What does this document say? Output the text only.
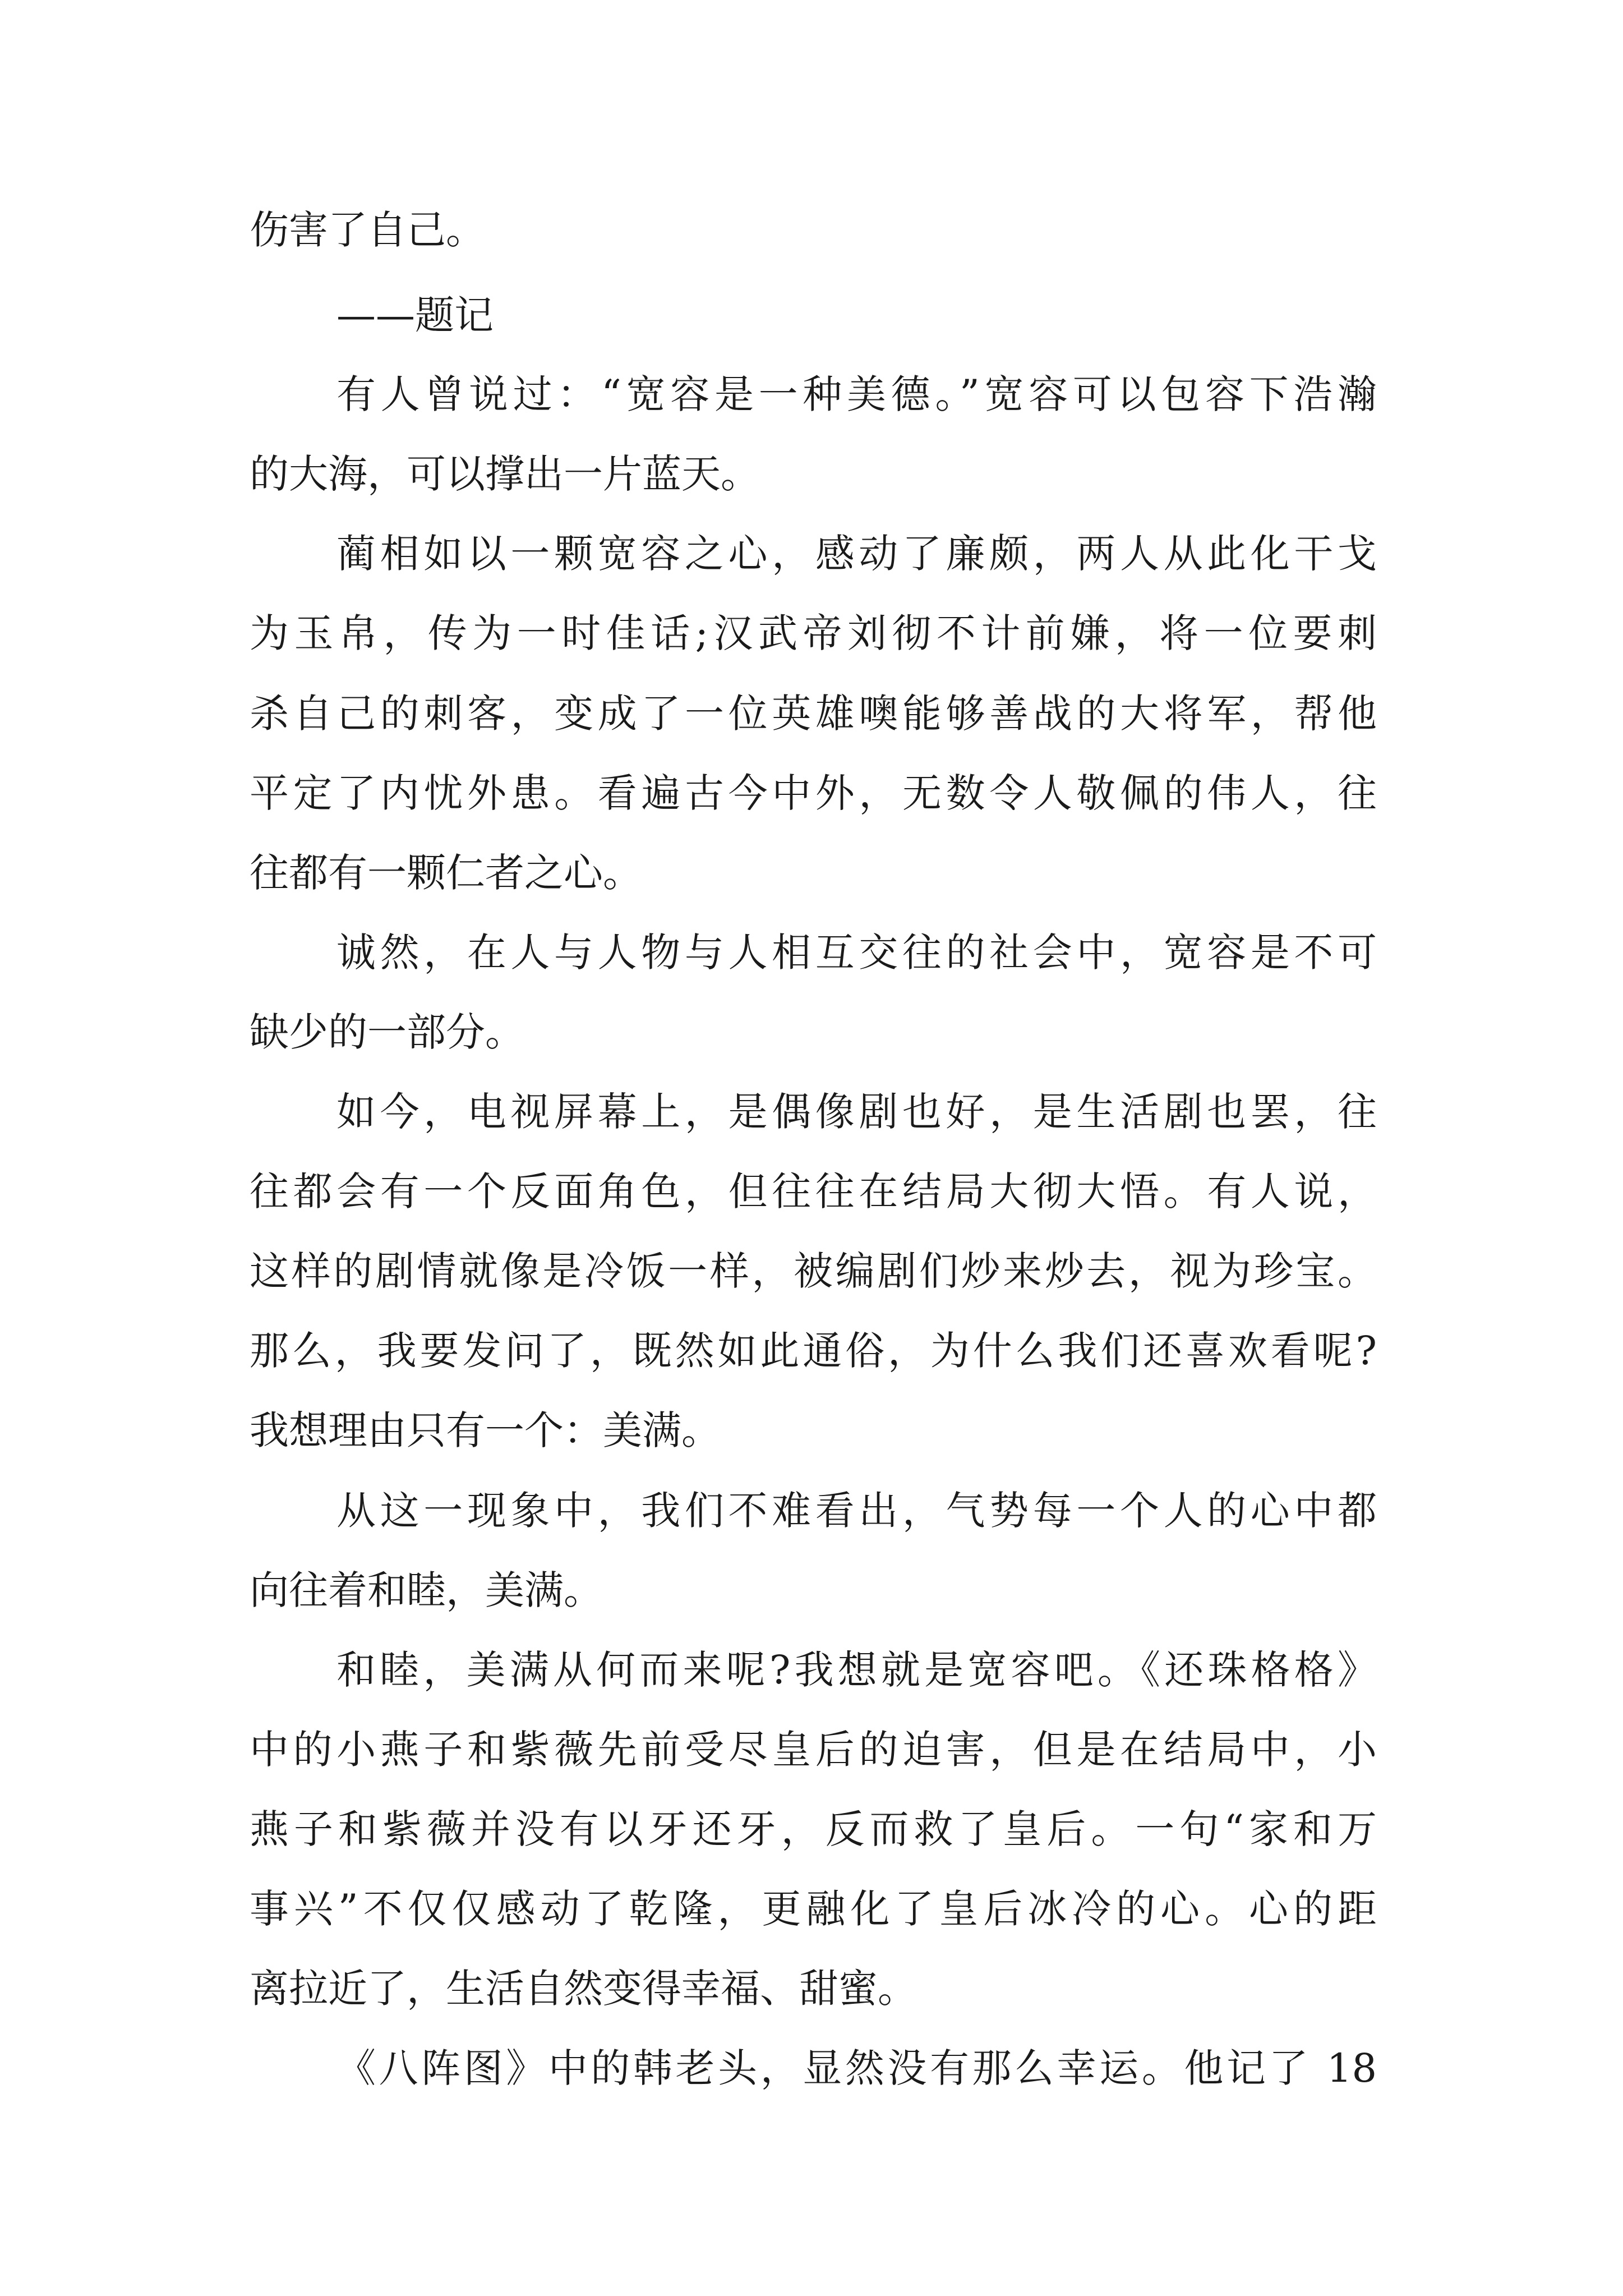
伤害了自己。
——题记
有人曾说过：“宽容是一种美德。”宽容可以包容下浩瀚
的大海，可以撑出一片蓝天。
蔺相如以一颗宽容之心，感动了廉颇，两人从此化干戈
为玉帛，传为一时佳话;汉武帝刘彻不计前嫌，将一位要刺
杀自己的刺客，变成了一位英雄噢能够善战的大将军，帮他
平定了内忧外患。看遍古今中外，无数令人敬佩的伟人，往
往都有一颗仁者之心。
诚然，在人与人物与人相互交往的社会中，宽容是不可
缺少的一部分。
如今，电视屏幕上，是偶像剧也好，是生活剧也罢，往
往都会有一个反面角色，但往往在结局大彻大悟。有人说，
这样的剧情就像是冷饭一样，被编剧们炒来炒去，视为珍宝。
那么，我要发问了，既然如此通俗，为什么我们还喜欢看呢?
我想理由只有一个：美满。
从这一现象中，我们不难看出，气势每一个人的心中都
向往着和睦，美满。
和睦，美满从何而来呢?我想就是宽容吧。《还珠格格》
中的小燕子和紫薇先前受尽皇后的迫害，但是在结局中，小
燕子和紫薇并没有以牙还牙，反而救了皇后。一句“家和万
事兴”不仅仅感动了乾隆，更融化了皇后冰冷的心。心的距
离拉近了，生活自然变得幸福、甜蜜。
《八阵图》中的韩老头，显然没有那么幸运。他记了 18
